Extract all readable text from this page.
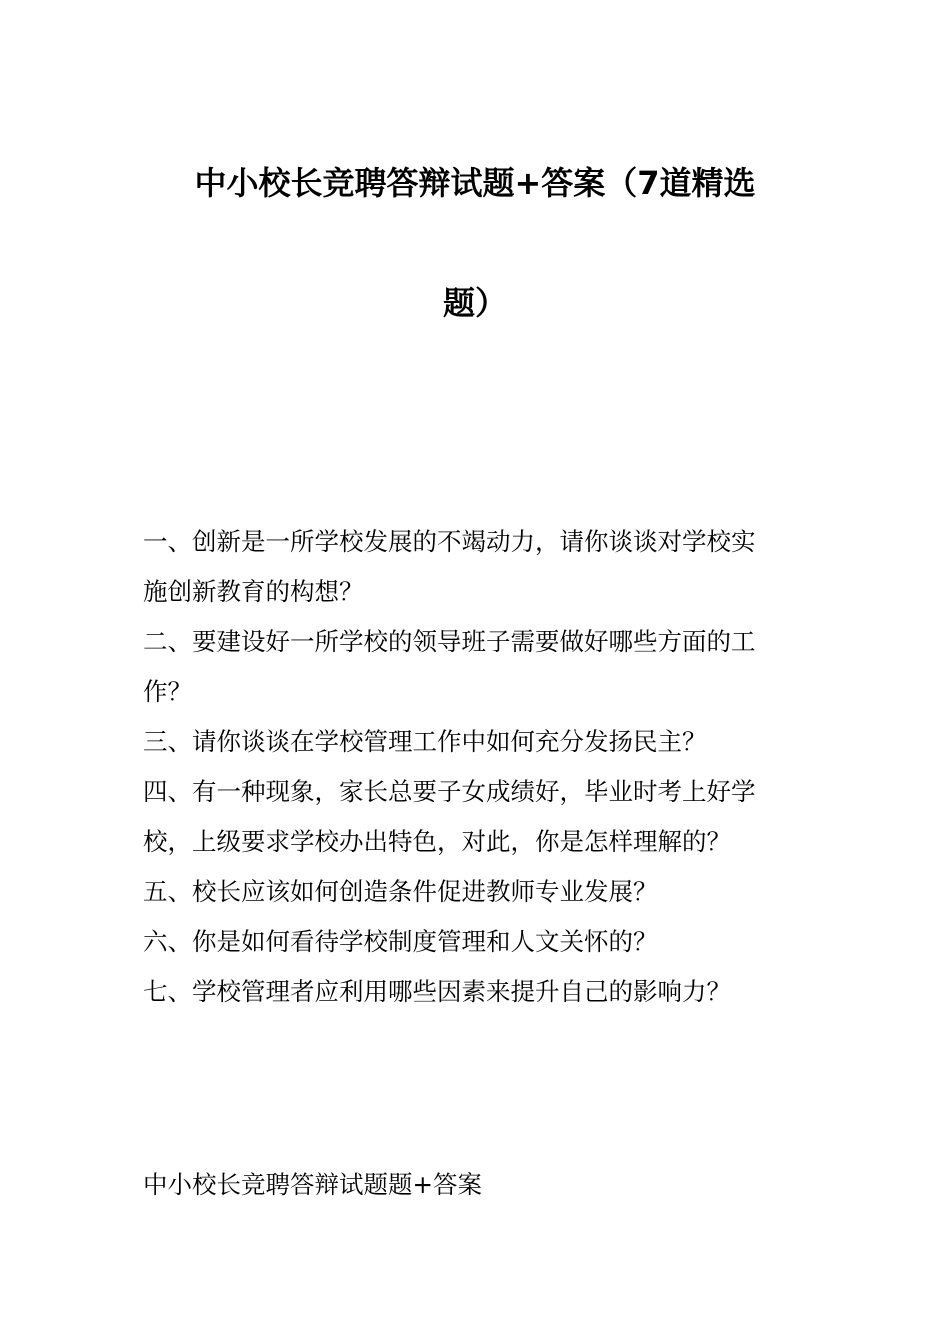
中小校长竞聘答辩试题+答案（7道精选
题）
一、创新是一所学校发展的不竭动力，请你谈谈对学校实
施创新教育的构想？
二、要建设好一所学校的领导班子需要做好哪些方面的工
作？
三、请你谈谈在学校管理工作中如何充分发扬民主？
四、有一种现象，家长总要子女成绩好，毕业时考上好学
校，上级要求学校办出特色，对此，你是怎样理解的？
五、校长应该如何创造条件促进教师专业发展？
六、你是如何看待学校制度管理和人文关怀的？
七、学校管理者应利用哪些因素来提升自己的影响力？
中小校长竞聘答辩试题题+答案
